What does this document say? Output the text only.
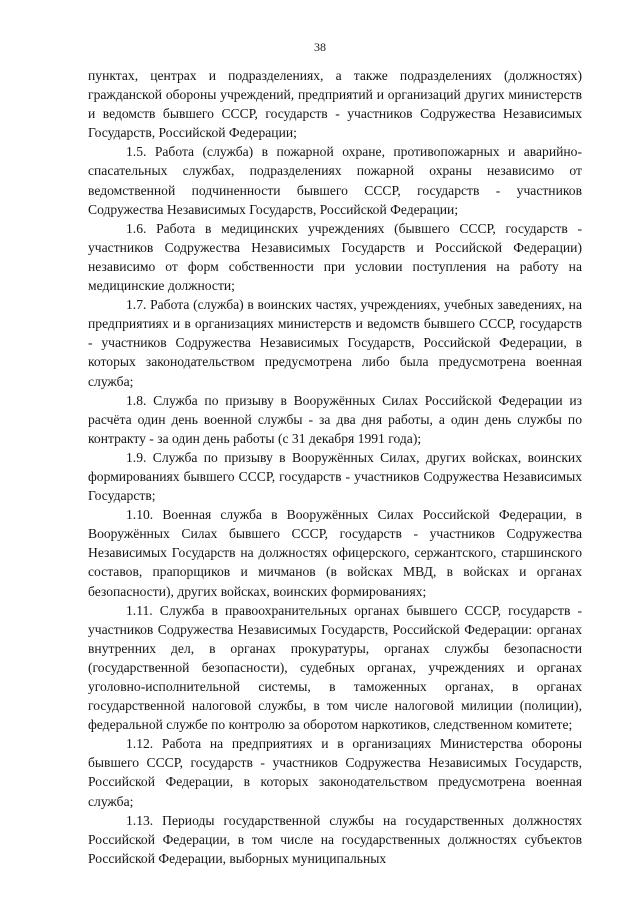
38

пунктах, центрах и подразделениях, а также подразделениях (должностях) гражданской обороны учреждений, предприятий и организаций других министерств и ведомств бывшего СССР, государств - участников Содружества Независимых Государств, Российской Федерации;

1.5. Работа (служба) в пожарной охране, противопожарных и аварийно-спасательных службах, подразделениях пожарной охраны независимо от ведомственной подчиненности бывшего СССР, государств - участников Содружества Независимых Государств, Российской Федерации;

1.6. Работа в медицинских учреждениях (бывшего СССР, государств - участников Содружества Независимых Государств и Российской Федерации) независимо от форм собственности при условии поступления на работу на медицинские должности;

1.7. Работа (служба) в воинских частях, учреждениях, учебных заведениях, на предприятиях и в организациях министерств и ведомств бывшего СССР, государств - участников Содружества Независимых Государств, Российской Федерации, в которых законодательством предусмотрена либо была предусмотрена военная служба;

1.8. Служба по призыву в Вооружённых Силах Российской Федерации из расчёта один день военной службы - за два дня работы, а один день службы по контракту - за один день работы (с 31 декабря 1991 года);

1.9. Служба по призыву в Вооружённых Силах, других войсках, воинских формированиях бывшего СССР, государств - участников Содружества Независимых Государств;

1.10. Военная служба в Вооружённых Силах Российской Федерации, в Вооружённых Силах бывшего СССР, государств - участников Содружества Независимых Государств на должностях офицерского, сержантского, старшинского составов, прапорщиков и мичманов (в войсках МВД, в войсках и органах безопасности), других войсках, воинских формированиях;

1.11. Служба в правоохранительных органах бывшего СССР, государств - участников Содружества Независимых Государств, Российской Федерации: органах внутренних дел, в органах прокуратуры, органах службы безопасности (государственной безопасности), судебных органах, учреждениях и органах уголовно-исполнительной системы, в таможенных органах, в органах государственной налоговой службы, в том числе налоговой милиции (полиции), федеральной службе по контролю за оборотом наркотиков, следственном комитете;

1.12. Работа на предприятиях и в организациях Министерства обороны бывшего СССР, государств - участников Содружества Независимых Государств, Российской Федерации, в которых законодательством предусмотрена военная служба;

1.13. Периоды государственной службы на государственных должностях Российской Федерации, в том числе на государственных должностях субъектов Российской Федерации, выборных муниципальных
